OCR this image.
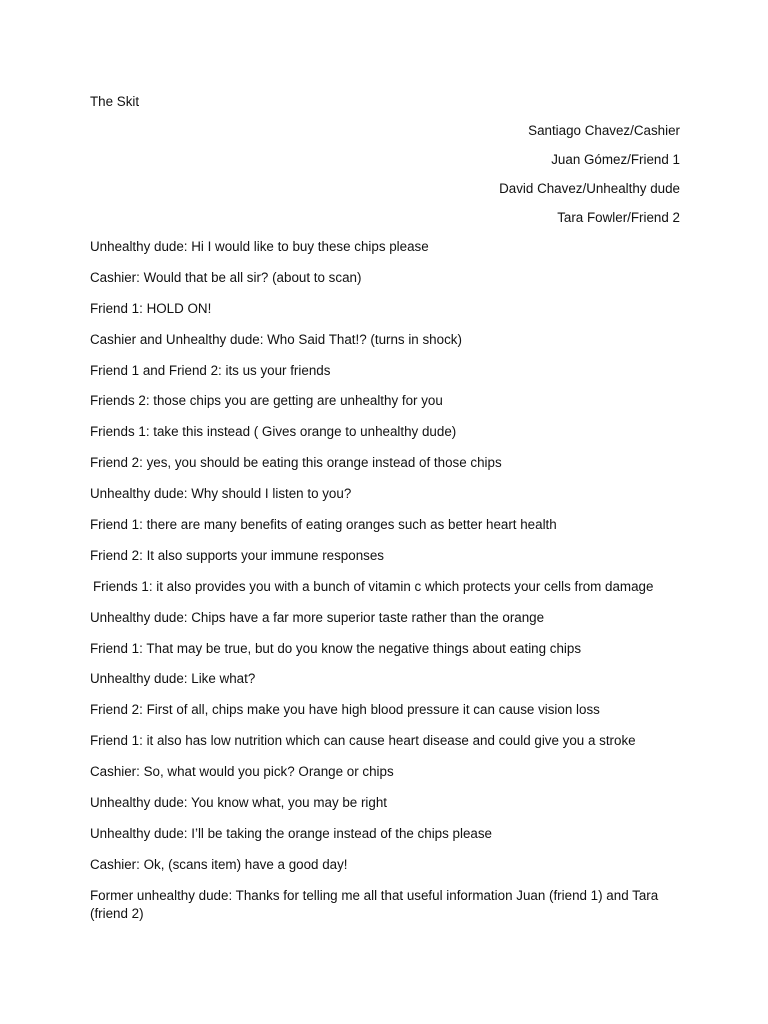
The Skit
Santiago Chavez/Cashier
Juan Gómez/Friend 1
David Chavez/Unhealthy dude
Tara Fowler/Friend 2
Unhealthy dude: Hi I would like to buy these chips please
Cashier: Would that be all sir? (about to scan)
Friend 1: HOLD ON!
Cashier and Unhealthy dude: Who Said That!? (turns in shock)
Friend 1 and Friend 2: its us your friends
Friends 2: those chips you are getting are unhealthy for you
Friends 1: take this instead ( Gives orange to unhealthy dude)
Friend 2: yes, you should be eating this orange instead of those chips
Unhealthy dude: Why should I listen to you?
Friend 1: there are many benefits of eating oranges such as better heart health
Friend 2: It also supports your immune responses
Friends 1: it also provides you with a bunch of vitamin c which protects your cells from damage
Unhealthy dude: Chips have a far more superior taste rather than the orange
Friend 1: That may be true, but do you know the negative things about eating chips
Unhealthy dude: Like what?
Friend 2: First of all, chips make you have high blood pressure it can cause vision loss
Friend 1: it also has low nutrition which can cause heart disease and could give you a stroke
Cashier: So, what would you pick? Orange or chips
Unhealthy dude: You know what, you may be right
Unhealthy dude: I’ll be taking the orange instead of the chips please
Cashier: Ok, (scans item) have a good day!
Former unhealthy dude: Thanks for telling me all that useful information Juan (friend 1) and Tara (friend 2)
